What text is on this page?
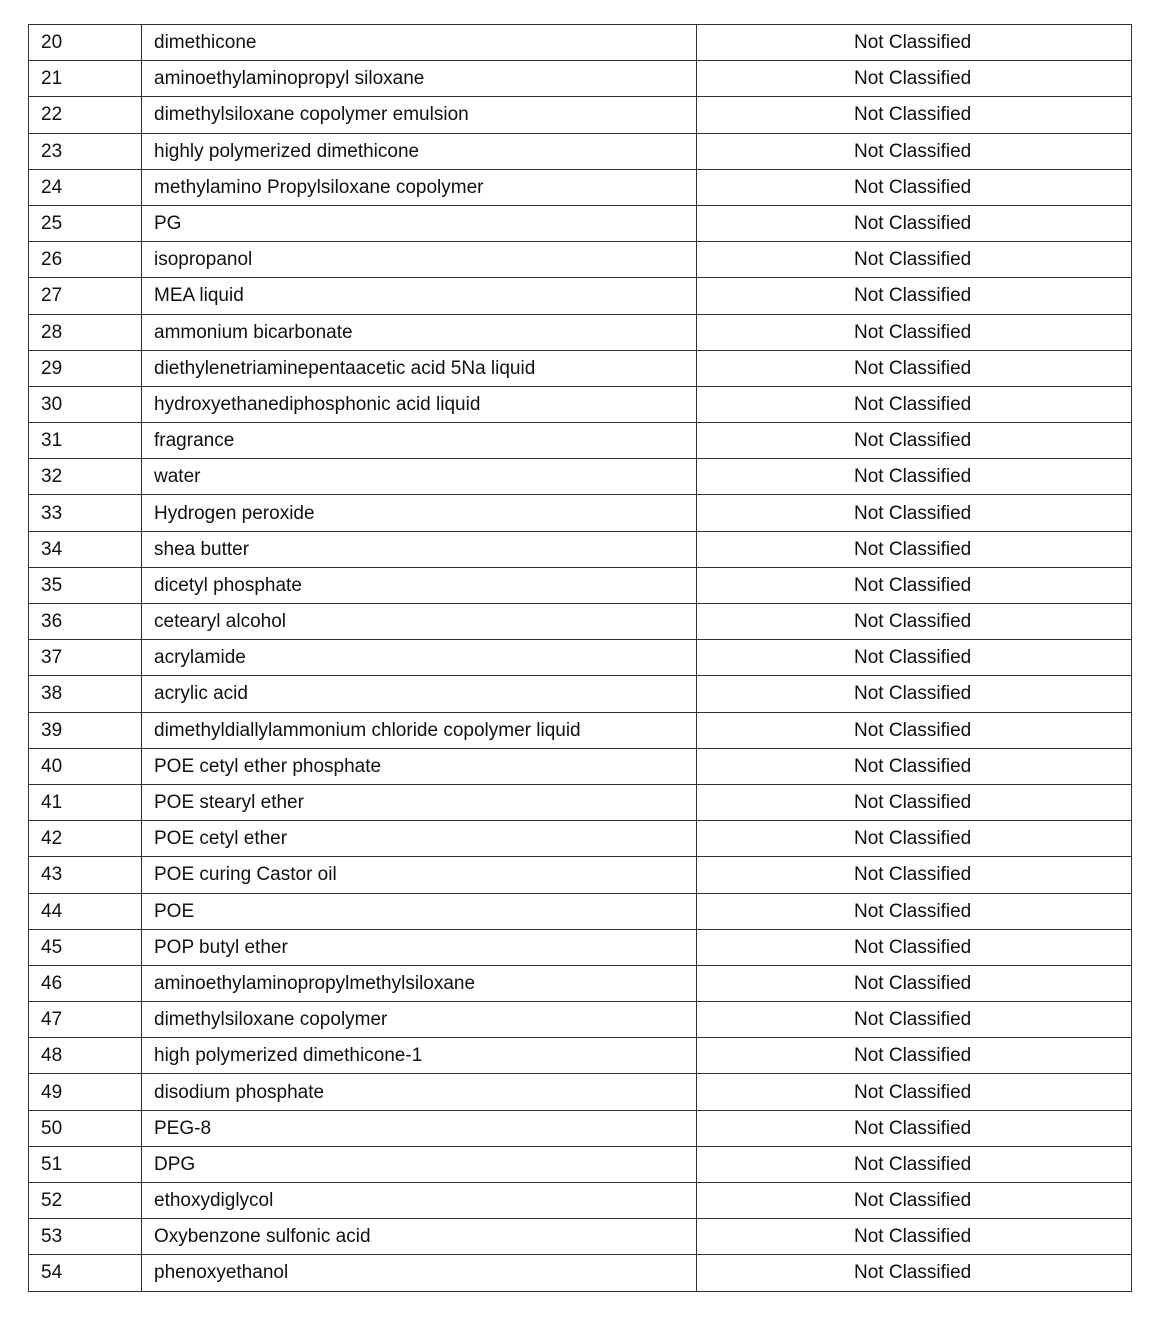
20	dimethicone	Not Classified
21	aminoethylaminopropyl siloxane	Not Classified
22	dimethylsiloxane copolymer emulsion	Not Classified
23	highly polymerized dimethicone	Not Classified
24	methylamino Propylsiloxane copolymer	Not Classified
25	PG	Not Classified
26	isopropanol	Not Classified
27	MEA liquid	Not Classified
28	ammonium bicarbonate	Not Classified
29	diethylenetriaminepentaacetic acid 5Na liquid	Not Classified
30	hydroxyethanediphosphonic acid liquid	Not Classified
31	fragrance	Not Classified
32	water	Not Classified
33	Hydrogen peroxide	Not Classified
34	shea butter	Not Classified
35	dicetyl phosphate	Not Classified
36	cetearyl alcohol	Not Classified
37	acrylamide	Not Classified
38	acrylic acid	Not Classified
39	dimethyldiallylammonium chloride copolymer liquid	Not Classified
40	POE cetyl ether phosphate	Not Classified
41	POE stearyl ether	Not Classified
42	POE cetyl ether	Not Classified
43	POE curing Castor oil	Not Classified
44	POE	Not Classified
45	POP butyl ether	Not Classified
46	aminoethylaminopropylmethylsiloxane	Not Classified
47	dimethylsiloxane copolymer	Not Classified
48	high polymerized dimethicone-1	Not Classified
49	disodium phosphate	Not Classified
50	PEG-8	Not Classified
51	DPG	Not Classified
52	ethoxydiglycol	Not Classified
53	Oxybenzone sulfonic acid	Not Classified
54	phenoxyethanol	Not Classified
